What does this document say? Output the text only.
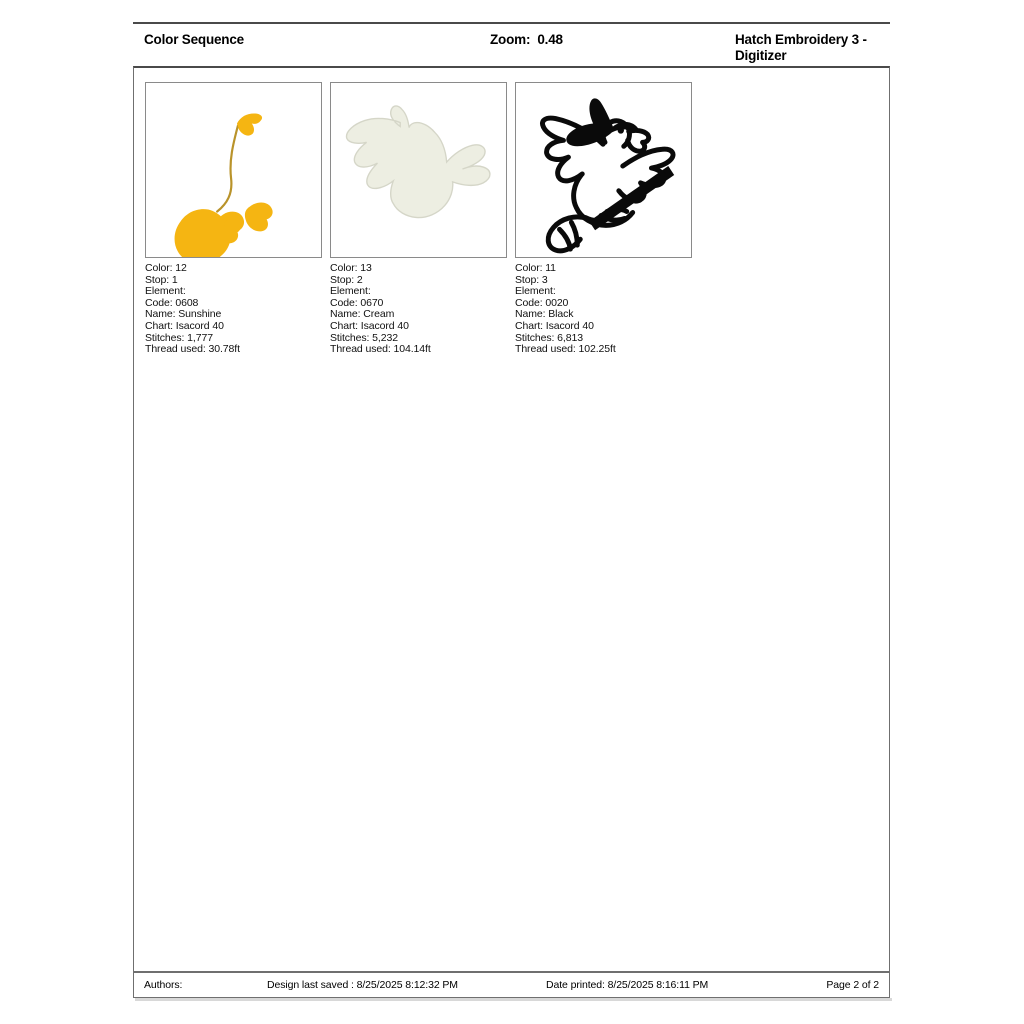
Color Sequence	Zoom:  0.48	Hatch Embroidery 3 - Digitizer
Color: 12
Stop: 1
Element:
Code: 0608
Name: Sunshine
Chart: Isacord 40
Stitches: 1,777
Thread used: 30.78ft
Color: 13
Stop: 2
Element:
Code: 0670
Name: Cream
Chart: Isacord 40
Stitches: 5,232
Thread used: 104.14ft
Color: 11
Stop: 3
Element:
Code: 0020
Name: Black
Chart: Isacord 40
Stitches: 6,813
Thread used: 102.25ft
Authors:	Design last saved : 8/25/2025 8:12:32 PM	Date printed: 8/25/2025 8:16:11 PM	Page 2 of 2
